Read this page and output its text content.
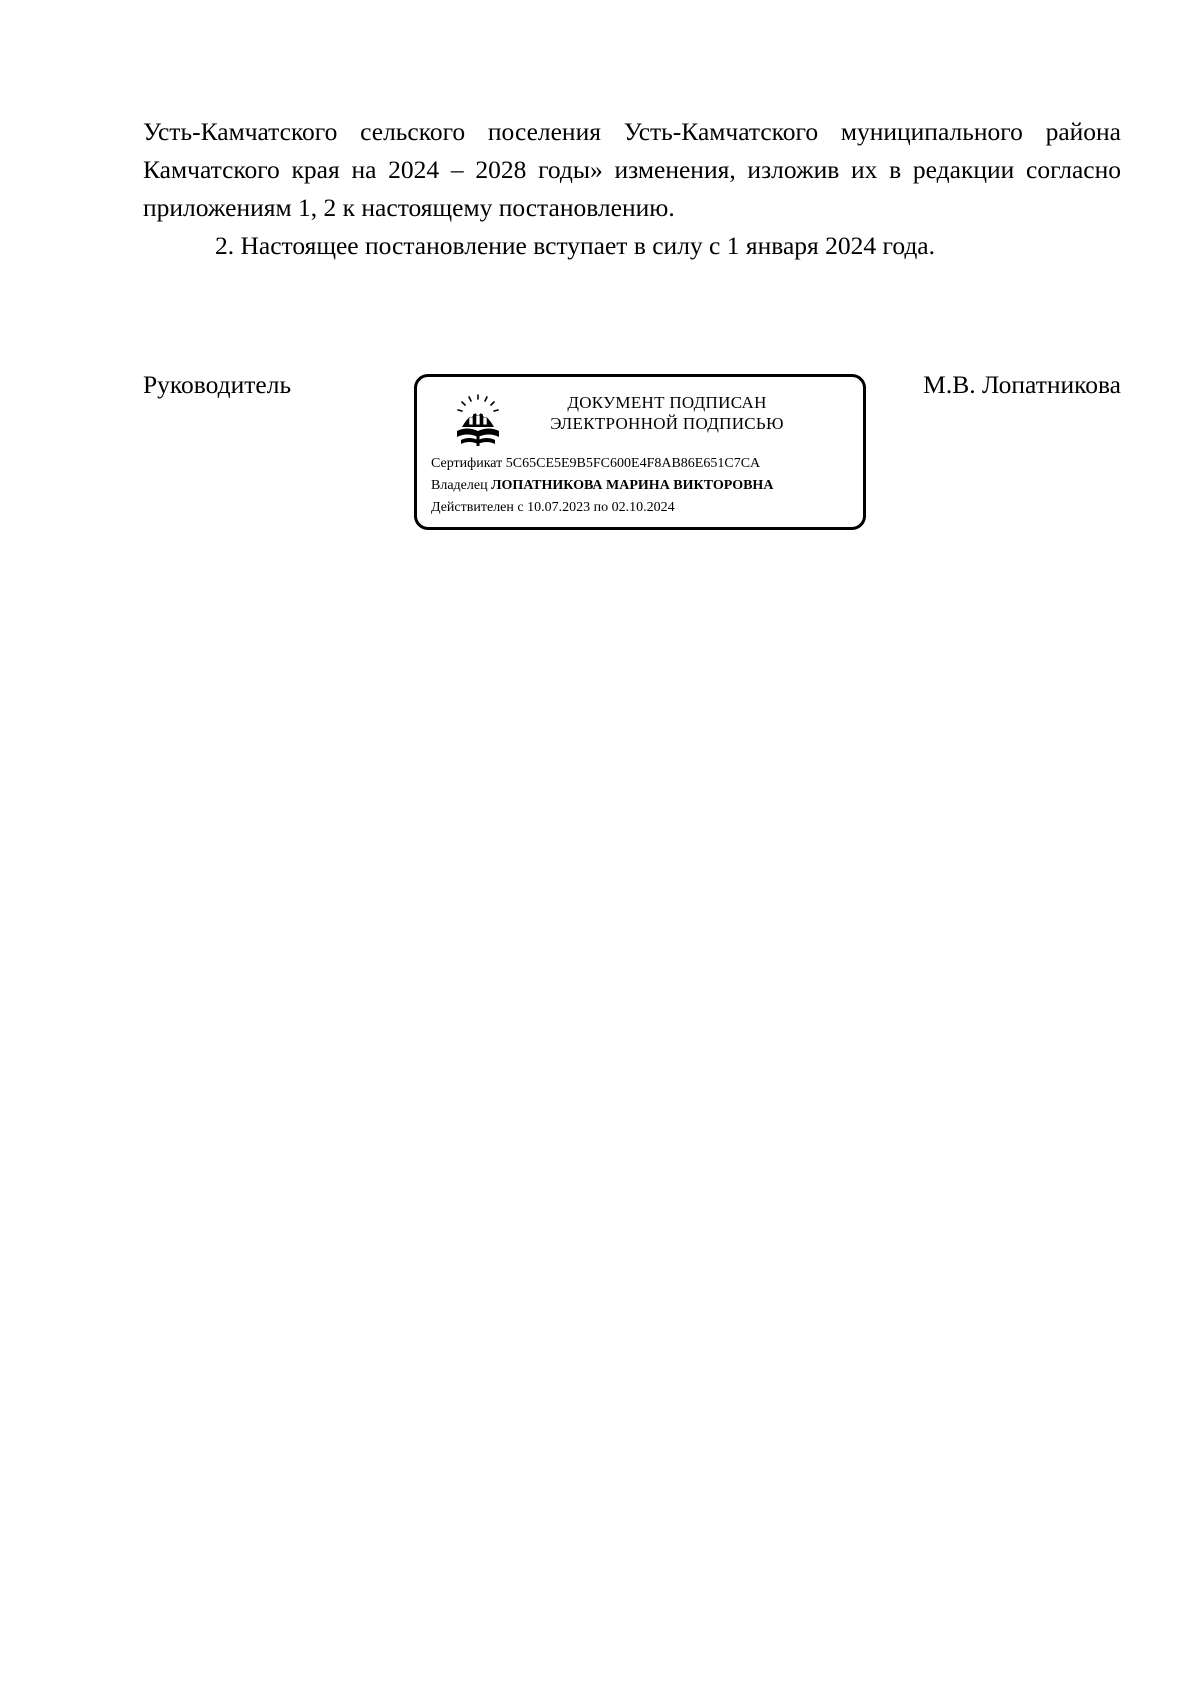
Усть-Камчатского сельского поселения Усть-Камчатского муниципального района Камчатского края на 2024 – 2028 годы» изменения, изложив их в редакции согласно приложениям 1, 2 к настоящему постановлению.

2. Настоящее постановление вступает в силу с 1 января 2024 года.

Руководитель	М.В. Лопатникова
ДОКУМЕНТ ПОДПИСАН
ЭЛЕКТРОННОЙ ПОДПИСЬЮ
Сертификат 5C65CE5E9B5FC600E4F8AB86E651C7CA
Владелец ЛОПАТНИКОВА МАРИНА ВИКТОРОВНА
Действителен с 10.07.2023 по 02.10.2024
